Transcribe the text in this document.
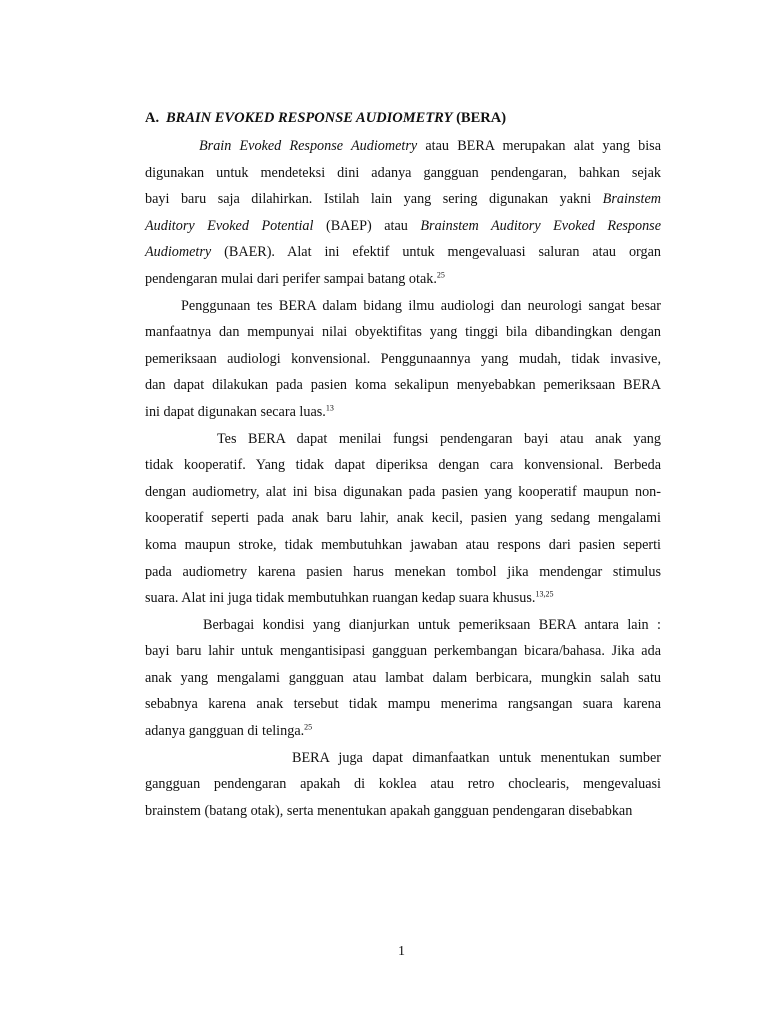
A. BRAIN EVOKED RESPONSE AUDIOMETRY (BERA)
Brain Evoked Response Audiometry atau BERA merupakan alat yang bisa
digunakan untuk mendeteksi dini adanya gangguan pendengaran, bahkan sejak
bayi baru saja dilahirkan. Istilah lain yang sering digunakan yakni Brainstem
Auditory Evoked Potential (BAEP) atau Brainstem Auditory Evoked Response
Audiometry (BAER). Alat ini efektif untuk mengevaluasi saluran atau organ
pendengaran mulai dari perifer sampai batang otak.$^{25}$
Penggunaan tes BERA dalam bidang ilmu audiologi dan neurologi sangat besar
manfaatnya dan mempunyai nilai obyektifitas yang tinggi bila dibandingkan dengan
pemeriksaan audiologi konvensional. Penggunaannya yang mudah, tidak invasive,
dan dapat dilakukan pada pasien koma sekalipun menyebabkan pemeriksaan BERA
ini dapat digunakan secara luas.$^{13}$
Tes BERA dapat menilai fungsi pendengaran bayi atau anak yang
tidak kooperatif. Yang tidak dapat diperiksa dengan cara konvensional. Berbeda
dengan audiometry, alat ini bisa digunakan pada pasien yang kooperatif maupun non-
kooperatif seperti pada anak baru lahir, anak kecil, pasien yang sedang mengalami
koma maupun stroke, tidak membutuhkan jawaban atau respons dari pasien seperti
pada audiometry karena pasien harus menekan tombol jika mendengar stimulus
suara. Alat ini juga tidak membutuhkan ruangan kedap suara khusus.$^{13,25}$
Berbagai kondisi yang dianjurkan untuk pemeriksaan BERA antara lain :
bayi baru lahir untuk mengantisipasi gangguan perkembangan bicara/bahasa. Jika ada
anak yang mengalami gangguan atau lambat dalam berbicara, mungkin salah satu
sebabnya karena anak tersebut tidak mampu menerima rangsangan suara karena
adanya gangguan di telinga.$^{25}$
BERA juga dapat dimanfaatkan untuk menentukan sumber
gangguan pendengaran apakah di koklea atau retro choclearis, mengevaluasi
brainstem (batang otak), serta menentukan apakah gangguan pendengaran disebabkan
1
